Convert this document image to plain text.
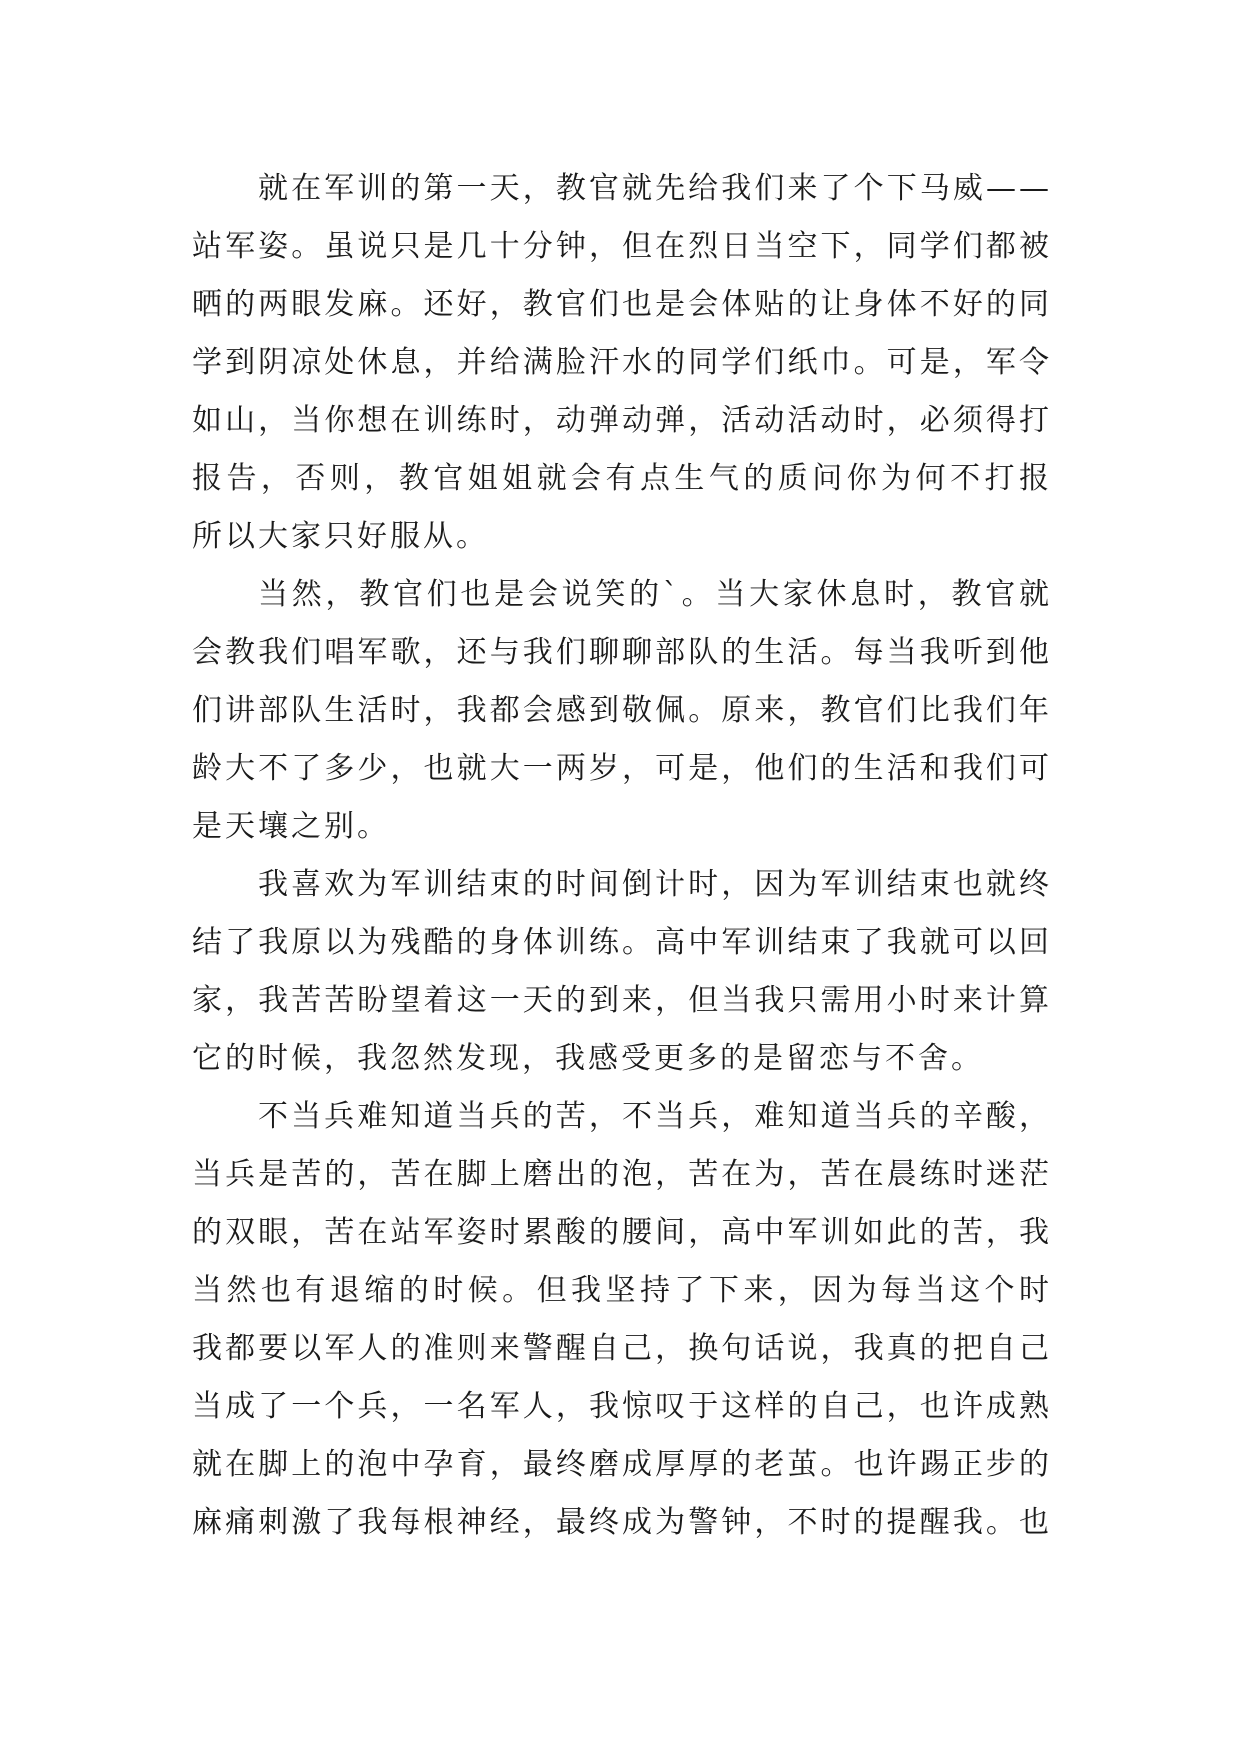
就在军训的第一天，教官就先给我们来了个下马威——
站军姿。虽说只是几十分钟，但在烈日当空下，同学们都被
晒的两眼发麻。还好，教官们也是会体贴的让身体不好的同
学到阴凉处休息，并给满脸汗水的同学们纸巾。可是，军令
如山，当你想在训练时，动弹动弹，活动活动时，必须得打
报告，否则，教官姐姐就会有点生气的质问你为何不打报
所以大家只好服从。
当然，教官们也是会说笑的`。当大家休息时，教官就
会教我们唱军歌，还与我们聊聊部队的生活。每当我听到他
们讲部队生活时，我都会感到敬佩。原来，教官们比我们年
龄大不了多少，也就大一两岁，可是，他们的生活和我们可
是天壤之别。
我喜欢为军训结束的时间倒计时，因为军训结束也就终
结了我原以为残酷的身体训练。高中军训结束了我就可以回
家，我苦苦盼望着这一天的到来，但当我只需用小时来计算
它的时候，我忽然发现，我感受更多的是留恋与不舍。
不当兵难知道当兵的苦，不当兵，难知道当兵的辛酸，
当兵是苦的，苦在脚上磨出的泡，苦在为，苦在晨练时迷茫
的双眼，苦在站军姿时累酸的腰间，高中军训如此的苦，我
当然也有退缩的时候。但我坚持了下来，因为每当这个时
我都要以军人的准则来警醒自己，换句话说，我真的把自己
当成了一个兵，一名军人，我惊叹于这样的自己，也许成熟
就在脚上的泡中孕育，最终磨成厚厚的老茧。也许踢正步的
麻痛刺激了我每根神经，最终成为警钟，不时的提醒我。也
